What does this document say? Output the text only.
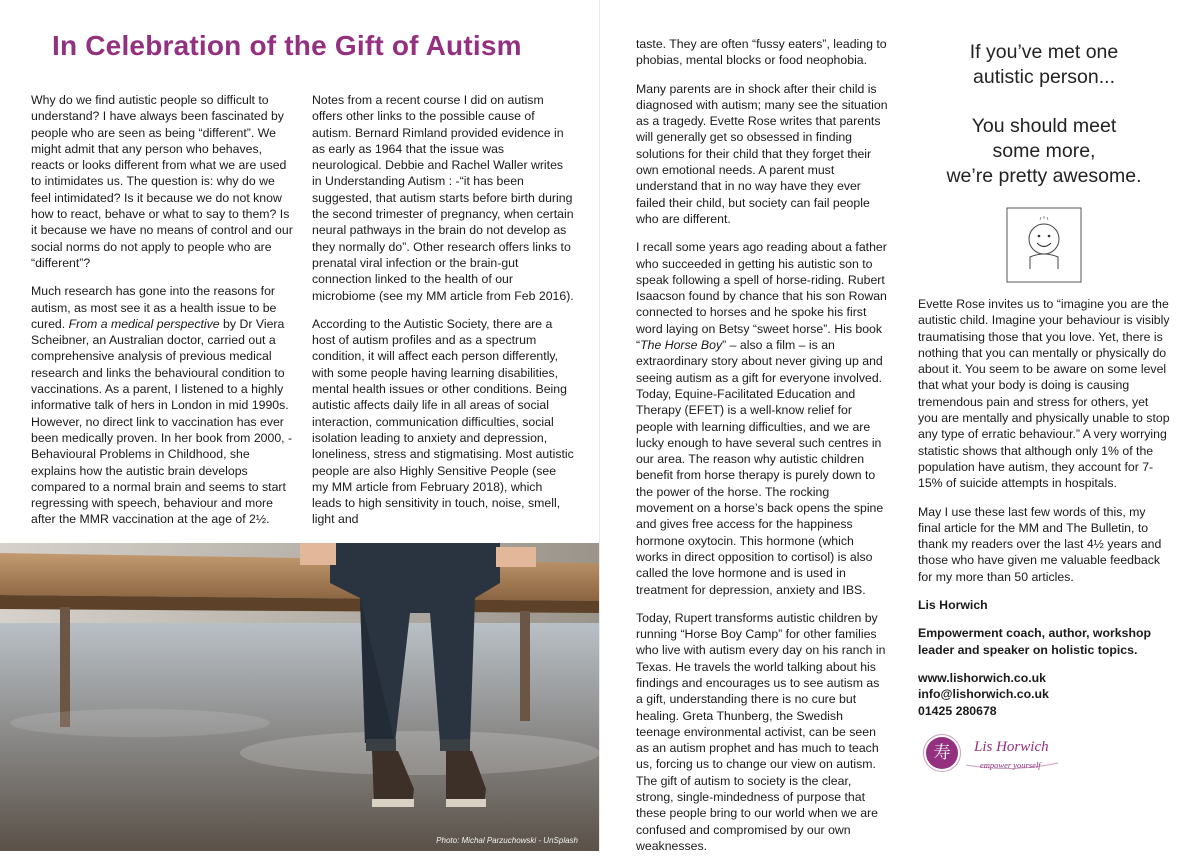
In Celebration of the Gift of Autism

Why do we find autistic people so difficult to understand? I have always been fascinated by people who are seen as being “different”. We might admit that any person who behaves, reacts or looks different from what we are used to intimidates us. The question is: why do we feel intimidated? Is it because we do not know how to react, behave or what to say to them? Is it because we have no means of control and our social norms do not apply to people who are “different”?

Much research has gone into the reasons for autism, as most see it as a health issue to be cured. From a medical perspective by Dr Viera Scheibner, an Australian doctor, carried out a comprehensive analysis of previous medical research and links the behavioural condition to vaccinations. As a parent, I listened to a highly informative talk of hers in London in mid 1990s. However, no direct link to vaccination has ever been medically proven. In her book from 2000, -Behavioural Problems in Childhood, she explains how the autistic brain develops compared to a normal brain and seems to start regressing with speech, behaviour and more after the MMR vaccination at the age of 2½.

Notes from a recent course I did on autism offers other links to the possible cause of autism. Bernard Rimland provided evidence in as early as 1964 that the issue was neurological. Debbie and Rachel Waller writes in Understanding Autism : -“it has been suggested, that autism starts before birth during the second trimester of pregnancy, when certain neural pathways in the brain do not develop as they normally do”. Other research offers links to prenatal viral infection or the brain-gut connection linked to the health of our microbiome (see my MM article from Feb 2016).

According to the Autistic Society, there are a host of autism profiles and as a spectrum condition, it will affect each person differently, with some people having learning disabilities, mental health issues or other conditions. Being autistic affects daily life in all areas of social interaction, communication difficulties, social isolation leading to anxiety and depression, loneliness, stress and stigmatising. Most autistic people are also Highly Sensitive People (see my MM article from February 2018), which leads to high sensitivity in touch, noise, smell, light and

Photo: Michal Parzuchowski - UnSplash

taste. They are often “fussy eaters”, leading to phobias, mental blocks or food neophobia.

Many parents are in shock after their child is diagnosed with autism; many see the situation as a tragedy. Evette Rose writes that parents will generally get so obsessed in finding solutions for their child that they forget their own emotional needs. A parent must understand that in no way have they ever failed their child, but society can fail people who are different.

I recall some years ago reading about a father who succeeded in getting his autistic son to speak following a spell of horse-riding. Rubert Isaacson found by chance that his son Rowan connected to horses and he spoke his first word laying on Betsy “sweet horse”. His book “The Horse Boy” – also a film – is an extraordinary story about never giving up and seeing autism as a gift for everyone involved. Today, Equine-Facilitated Education and Therapy (EFET) is a well-know relief for people with learning difficulties, and we are lucky enough to have several such centres in our area. The reason why autistic children benefit from horse therapy is purely down to the power of the horse. The rocking movement on a horse’s back opens the spine and gives free access for the happiness hormone oxytocin. This hormone (which works in direct opposition to cortisol) is also called the love hormone and is used in treatment for depression, anxiety and IBS.

Today, Rupert transforms autistic children by running “Horse Boy Camp” for other families who live with autism every day on his ranch in Texas. He travels the world talking about his findings and encourages us to see autism as a gift, understanding there is no cure but healing. Greta Thunberg, the Swedish teenage environmental activist, can be seen as an autism prophet and has much to teach us, forcing us to change our view on autism. The gift of autism to society is the clear, strong, single-mindedness of purpose that these people bring to our world when we are confused and compromised by our own weaknesses.

If you’ve met one

autistic person...

You should meet

some more,

we’re pretty awesome.

Evette Rose invites us to “imagine you are the autistic child. Imagine your behaviour is visibly traumatising those that you love. Yet, there is nothing that you can mentally or physically do about it. You seem to be aware on some level that what your body is doing is causing tremendous pain and stress for others, yet you are mentally and physically unable to stop any type of erratic behaviour.” A very worrying statistic shows that although only 1% of the population have autism, they account for 7-15% of suicide attempts in hospitals.

May I use these last few words of this, my final article for the MM and The Bulletin, to thank my readers over the last 4½ years and those who have given me valuable feedback for my more than 50 articles.

Lis Horwich

Empowerment coach, author, workshop leader and speaker on holistic topics.

www.lishorwich.co.uk
info@lishorwich.co.uk
01425 280678
寿	Lis Horwich
empower yourself
